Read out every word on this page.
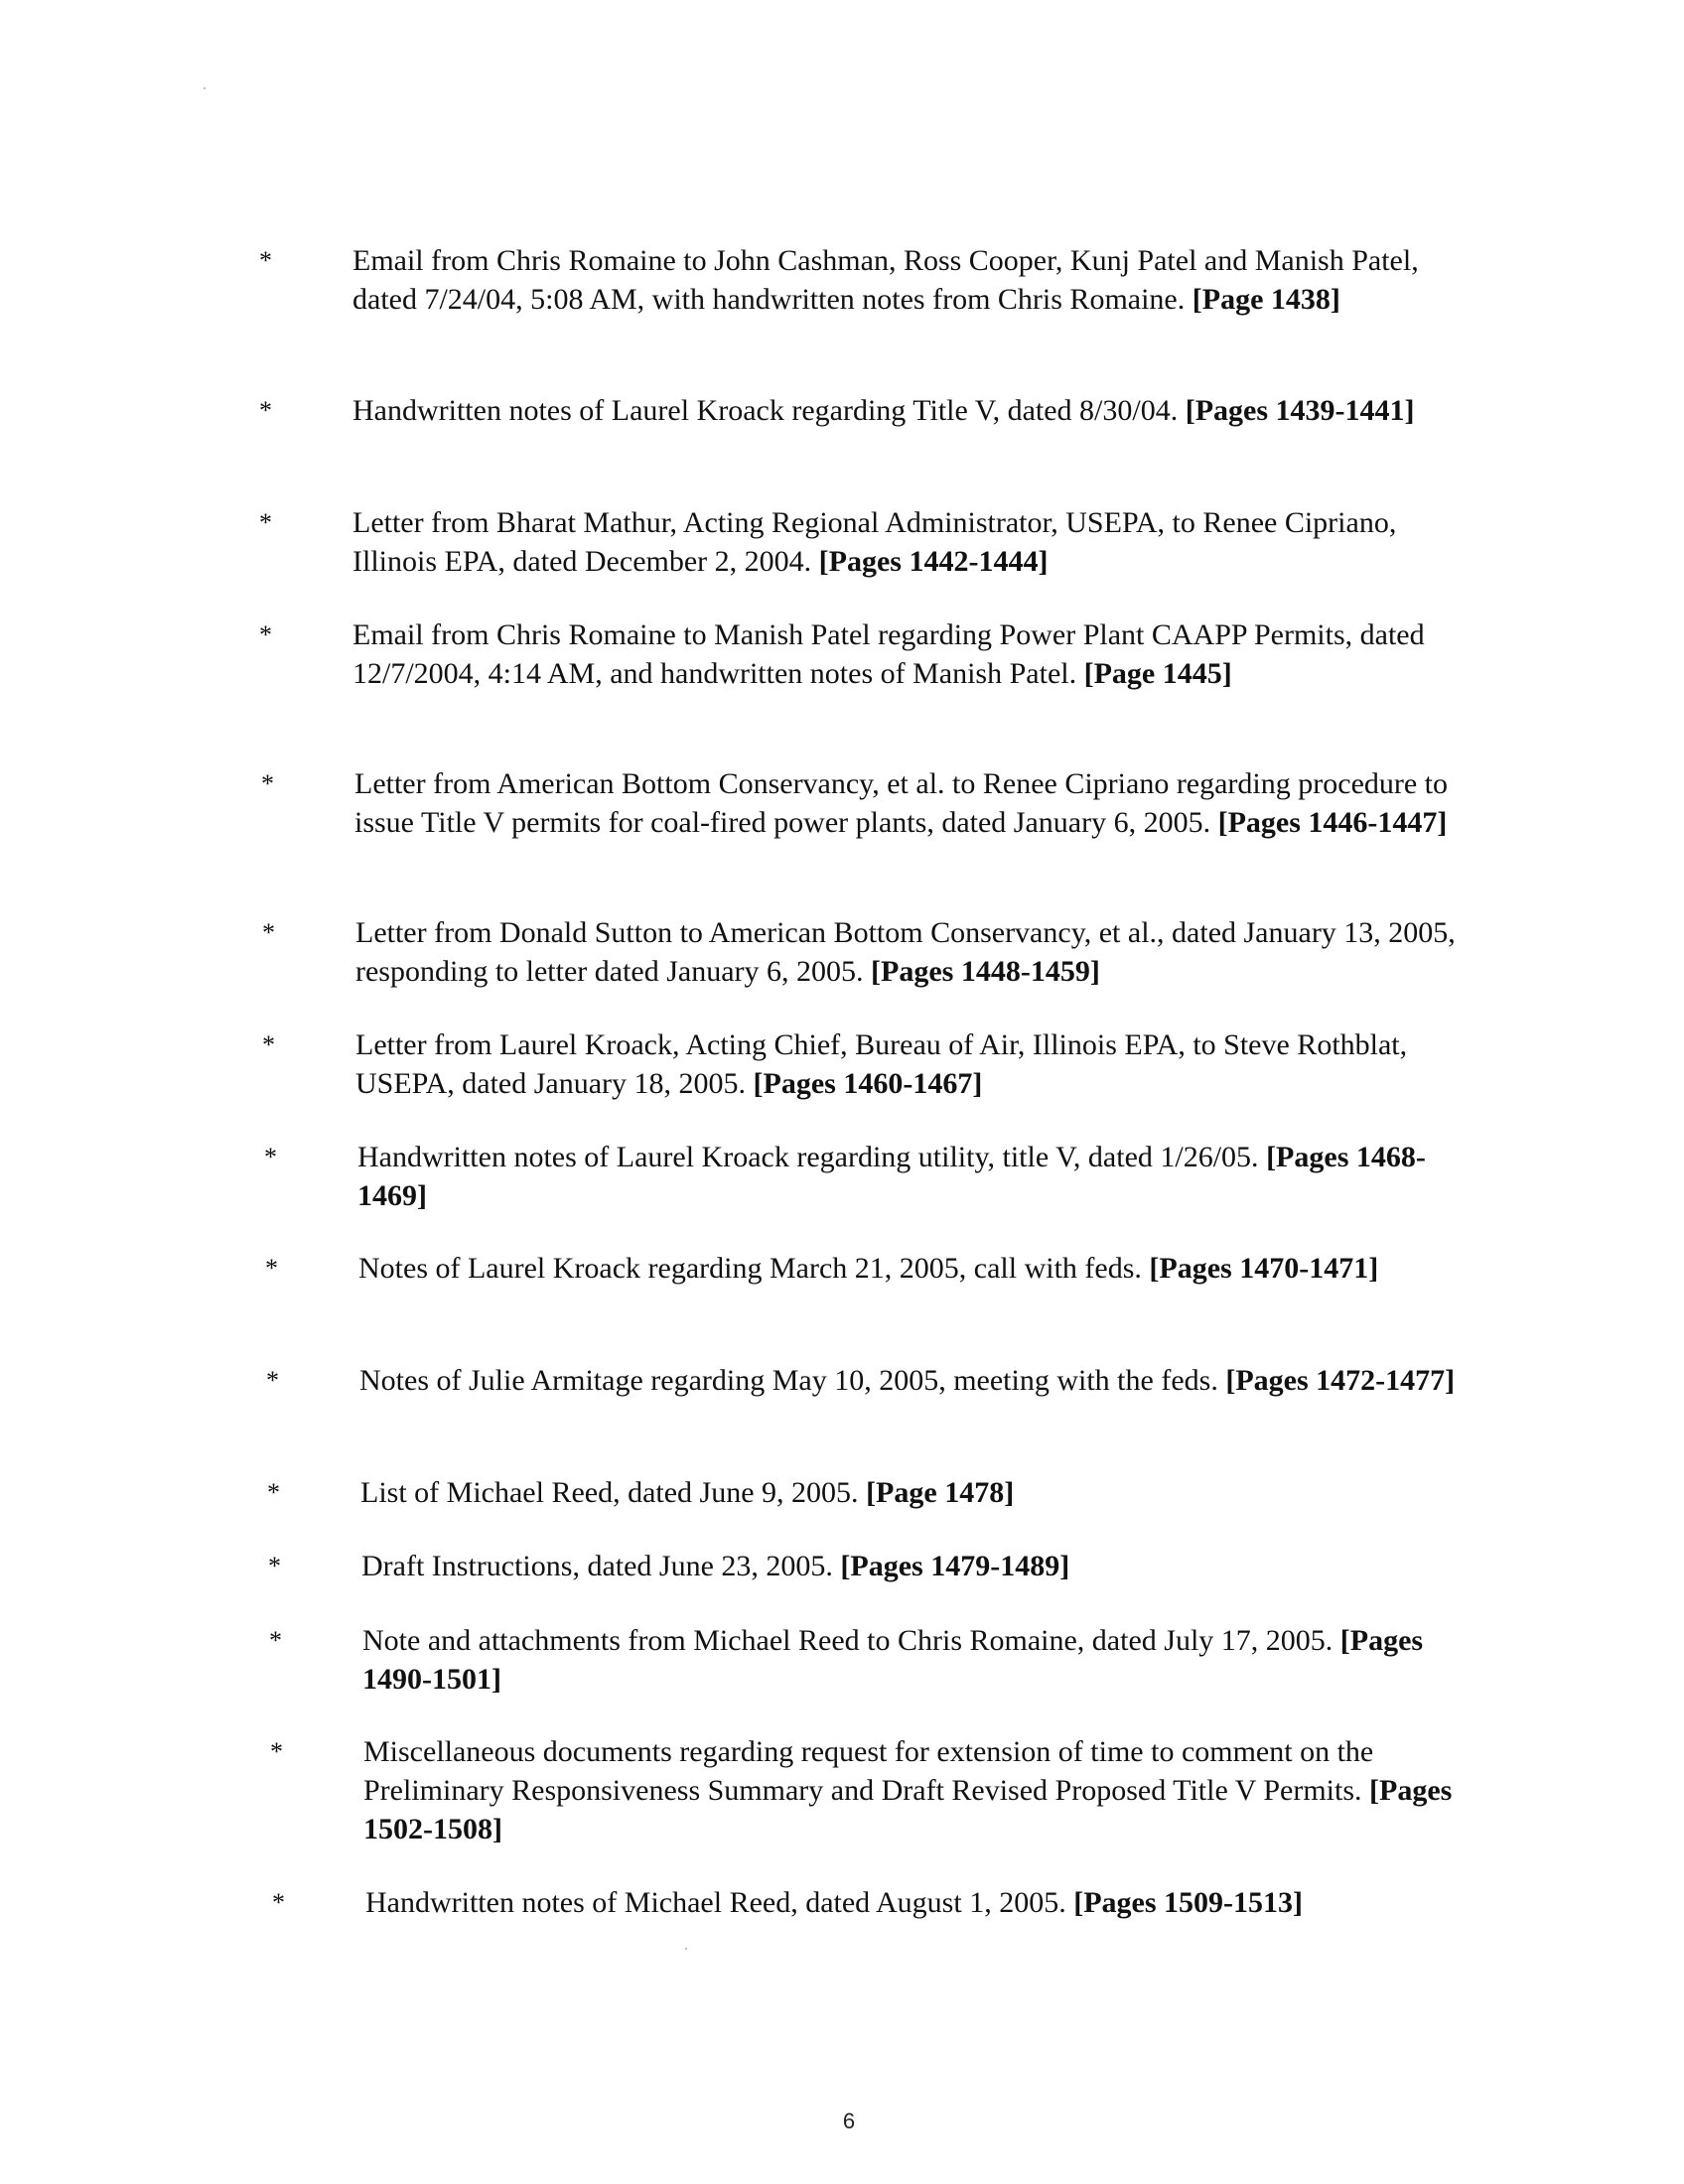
*	Email from Chris Romaine to John Cashman, Ross Cooper, Kunj Patel and Manish Patel, dated 7/24/04, 5:08 AM, with handwritten notes from Chris Romaine. [Page 1438]
*	Handwritten notes of Laurel Kroack regarding Title V, dated 8/30/04. [Pages 1439-1441]
*	Letter from Bharat Mathur, Acting Regional Administrator, USEPA, to Renee Cipriano, Illinois EPA, dated December 2, 2004. [Pages 1442-1444]
*	Email from Chris Romaine to Manish Patel regarding Power Plant CAAPP Permits, dated 12/7/2004, 4:14 AM, and handwritten notes of Manish Patel. [Page 1445]
*	Letter from American Bottom Conservancy, et al. to Renee Cipriano regarding procedure to issue Title V permits for coal-fired power plants, dated January 6, 2005. [Pages 1446-1447]
*	Letter from Donald Sutton to American Bottom Conservancy, et al., dated January 13, 2005, responding to letter dated January 6, 2005. [Pages 1448-1459]
*	Letter from Laurel Kroack, Acting Chief, Bureau of Air, Illinois EPA, to Steve Rothblat, USEPA, dated January 18, 2005. [Pages 1460-1467]
*	Handwritten notes of Laurel Kroack regarding utility, title V, dated 1/26/05. [Pages 1468-1469]
*	Notes of Laurel Kroack regarding March 21, 2005, call with feds. [Pages 1470-1471]
*	Notes of Julie Armitage regarding May 10, 2005, meeting with the feds. [Pages 1472-1477]
*	List of Michael Reed, dated June 9, 2005. [Page 1478]
*	Draft Instructions, dated June 23, 2005. [Pages 1479-1489]
*	Note and attachments from Michael Reed to Chris Romaine, dated July 17, 2005. [Pages 1490-1501]
*	Miscellaneous documents regarding request for extension of time to comment on the Preliminary Responsiveness Summary and Draft Revised Proposed Title V Permits. [Pages 1502-1508]
*	Handwritten notes of Michael Reed, dated August 1, 2005. [Pages 1509-1513]
6
